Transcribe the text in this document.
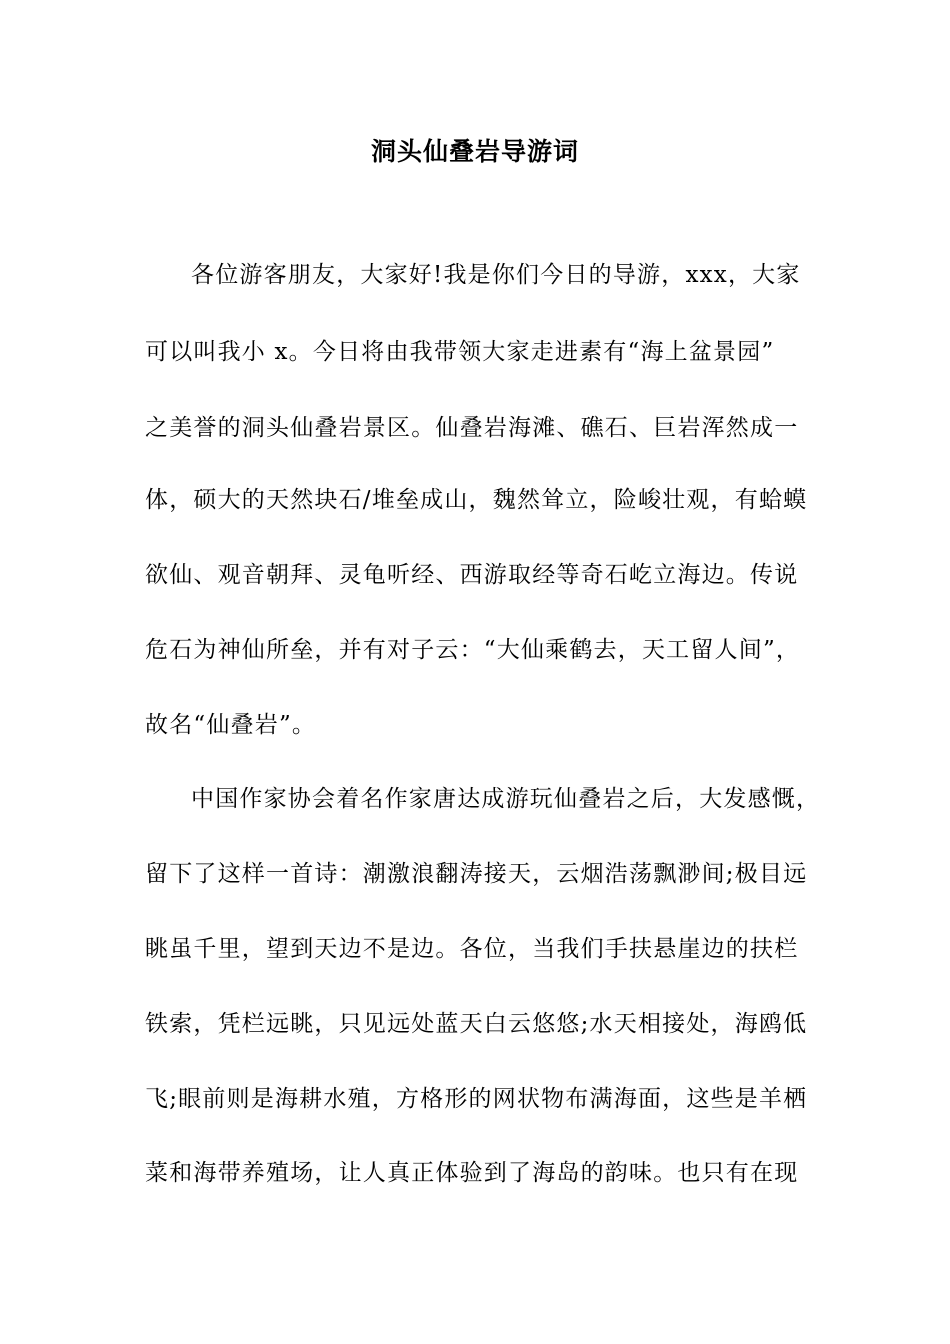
洞头仙叠岩导游词
各位游客朋友，大家好!我是你们今日的导游，xxx，大家
可以叫我小 x。今日将由我带领大家走进素有“海上盆景园”
之美誉的洞头仙叠岩景区。仙叠岩海滩、礁石、巨岩浑然成一
体，硕大的天然块石/堆垒成山，魏然耸立，险峻壮观，有蛤蟆
欲仙、观音朝拜、灵龟听经、西游取经等奇石屹立海边。传说
危石为神仙所垒，并有对子云：“大仙乘鹤去，天工留人间”，
故名“仙叠岩”。
中国作家协会着名作家唐达成游玩仙叠岩之后，大发感慨，
留下了这样一首诗：潮激浪翻涛接天，云烟浩荡飘渺间;极目远
眺虽千里，望到天边不是边。各位，当我们手扶悬崖边的扶栏
铁索，凭栏远眺，只见远处蓝天白云悠悠;水天相接处，海鸥低
飞;眼前则是海耕水殖，方格形的网状物布满海面，这些是羊栖
菜和海带养殖场，让人真正体验到了海岛的韵味。也只有在现
